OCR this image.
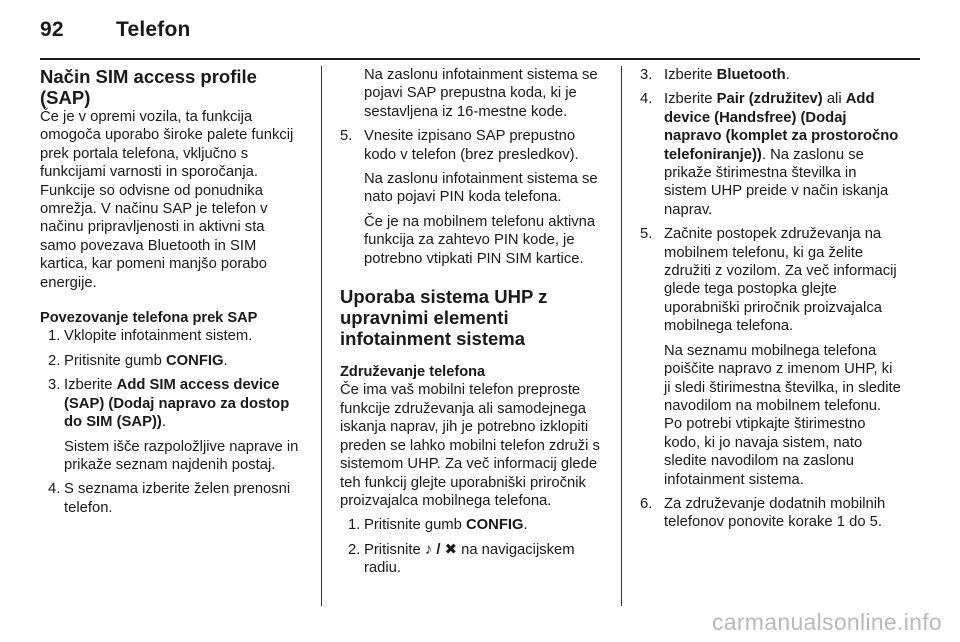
92 Telefon
Način SIM access profile (SAP)

Če je v opremi vozila, ta funkcija omogoča uporabo široke palete funkcij prek portala telefona, vključno s funkcijami varnosti in sporočanja. Funkcije so odvisne od ponudnika omrežja. V načinu SAP je telefon v načinu pripravljenosti in aktivni sta samo povezava Bluetooth in SIM kartica, kar pomeni manjšo porabo energije.

Povezovanje telefona prek SAP
1. Vklopite infotainment sistem.
2. Pritisnite gumb CONFIG.
3. Izberite Add SIM access device (SAP) (Dodaj napravo za dostop do SIM (SAP)).

Sistem išče razpoložljive naprave in prikaže seznam najdenih postaj.

4. S seznama izberite želen prenosni telefon.

Na zaslonu infotainment sistema se pojavi SAP prepustna koda, ki je sestavljena iz 16-mestne kode.

5. Vnesite izpisano SAP prepustno kodo v telefon (brez presledkov).

Na zaslonu infotainment sistema se nato pojavi PIN koda telefona.

Če je na mobilnem telefonu aktivna funkcija za zahtevo PIN kode, je potrebno vtipkati PIN SIM kartice.

Uporaba sistema UHP z upravnimi elementi infotainment sistema
Združevanje telefona

Če ima vaš mobilni telefon preproste funkcije združevanja ali samodejnega iskanja naprav, jih je potrebno izklopiti preden se lahko mobilni telefon združi s sistemom UHP. Za več informacij glede teh funkcij glejte uporabniški priročnik proizvajalca mobilnega telefona.

1. Pritisnite gumb CONFIG.
2. Pritisnite ♪ / ✖ na navigacijskem radiu.
3. Izberite Bluetooth.
4. Izberite Pair (združitev) ali Add device (Handsfree) (Dodaj napravo (komplet za prostoročno telefoniranje)). Na zaslonu se prikaže štirimestna številka in sistem UHP preide v način iskanja naprav.
5. Začnite postopek združevanja na mobilnem telefonu, ki ga želite združiti z vozilom. Za več informacij glede tega postopka glejte uporabniški priročnik proizvajalca mobilnega telefona.

Na seznamu mobilnega telefona poiščite napravo z imenom UHP, ki ji sledi štirimestna številka, in sledite navodilom na mobilnem telefonu. Po potrebi vtipkajte štirimestno kodo, ki jo navaja sistem, nato sledite navodilom na zaslonu infotainment sistema.

6. Za združevanje dodatnih mobilnih telefonov ponovite korake 1 do 5.
carmanualsonline.info
